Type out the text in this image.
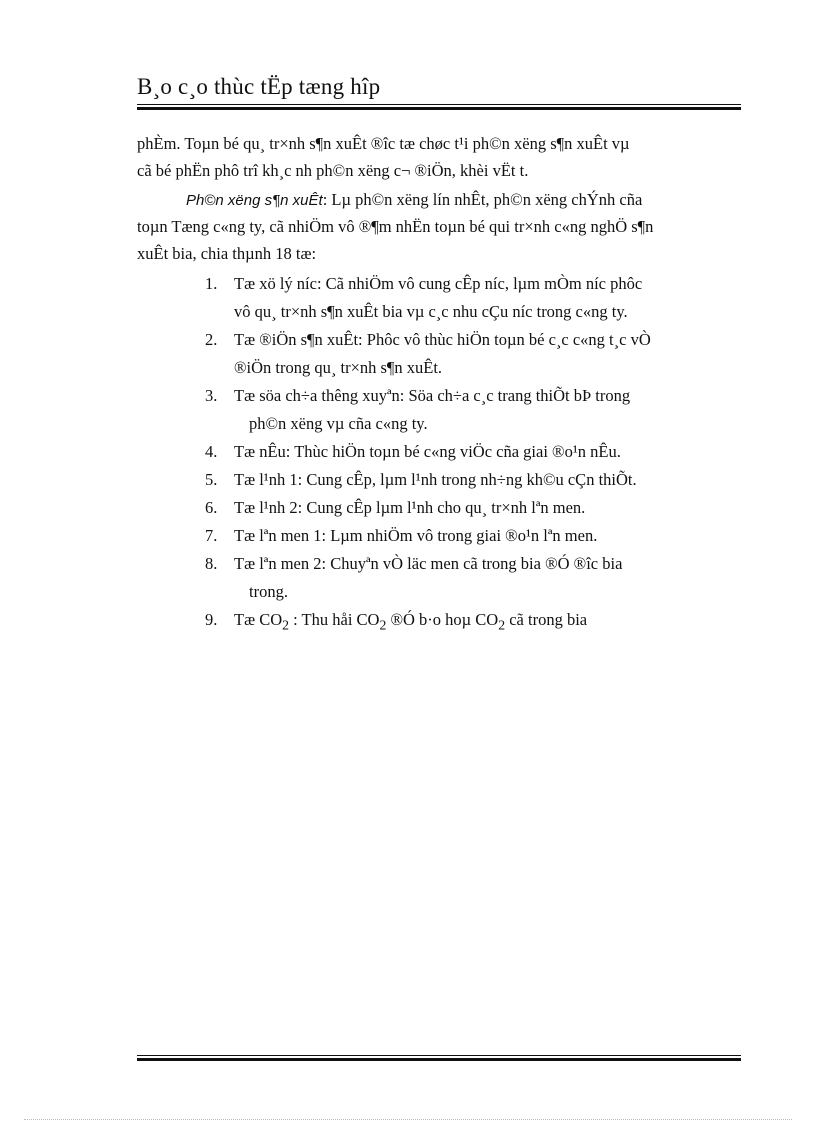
B¸o c¸o thùc tËp tæng hîp
phÈm. Toµn bé qu¸ tr×nh s¶n xuÊt ®îc tæ chøc t¹i ph©n xëng s¶n xuÊt vµ
cã bé phËn phô trî kh¸c nh ph©n xëng c¬ ®iÖn, khèi vËt t.
Ph©n xëng s¶n xuÊt: Lµ ph©n xëng lín nhÊt, ph©n xëng chÝnh cña
toµn Tæng c«ng ty, cã nhiÖm vô ®¶m nhËn toµn bé qui tr×nh c«ng nghÖ s¶n
xuÊt bia, chia thµnh 18 tæ:
1. Tæ xö lý níc: Cã nhiÖm vô cung cÊp níc, lµm mÒm níc phôc
vô qu¸ tr×nh s¶n xuÊt bia vµ c¸c nhu cÇu níc trong c«ng ty.
2. Tæ ®iÖn s¶n xuÊt: Phôc vô thùc hiÖn toµn bé c¸c c«ng t¸c vÒ
®iÖn trong qu¸ tr×nh s¶n xuÊt.
3. Tæ söa ch÷a thêng xuyªn: Söa ch÷a c¸c trang thiÕt bÞ trong
ph©n xëng vµ cña c«ng ty.
4. Tæ nÊu: Thùc hiÖn toµn bé c«ng viÖc cña giai ®o¹n nÊu.
5. Tæ l¹nh 1: Cung cÊp, lµm l¹nh trong nh÷ng kh©u cÇn thiÕt.
6. Tæ l¹nh 2: Cung cÊp lµm l¹nh cho qu¸ tr×nh lªn men.
7. Tæ lªn men 1: Lµm nhiÖm vô trong giai ®o¹n lªn men.
8. Tæ lªn men 2: Chuyªn vÒ läc men cã trong bia ®Ó ®îc bia
trong.
9. Tæ $CO_2$ : Thu håi $CO_2$ ®Ó b·o hoµ $CO_2$ cã trong bia
